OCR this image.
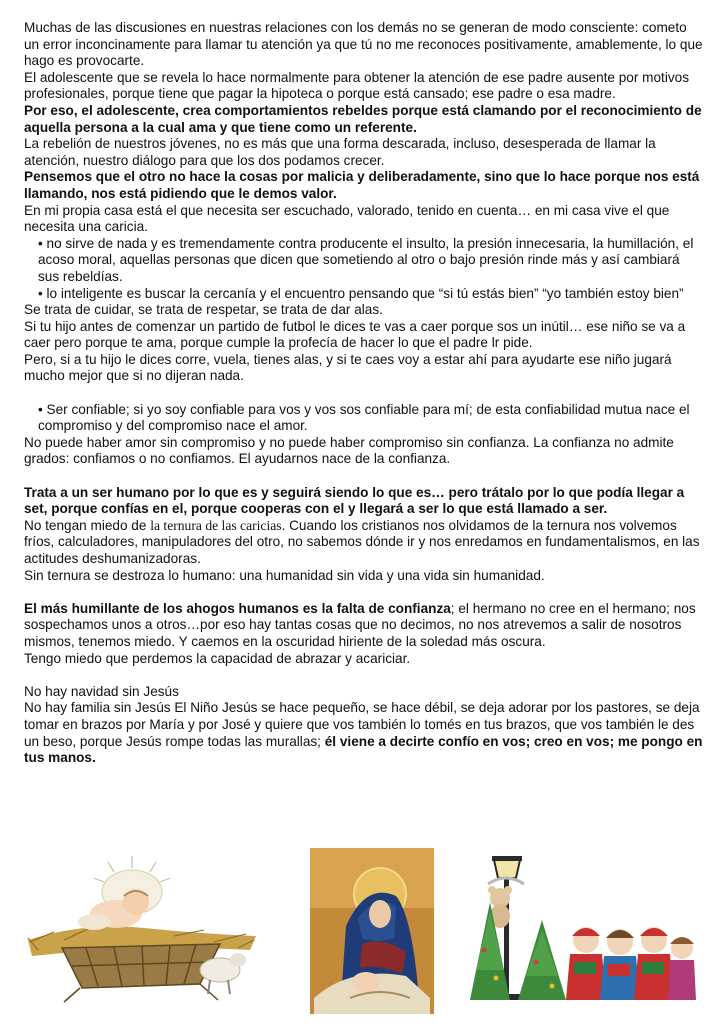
Muchas de las discusiones en nuestras relaciones con los demás no se generan de modo consciente: cometo un error inconcinamente para llamar tu atención ya que tú no me reconoces positivamente, amablemente, lo que hago es provocarte.

El adolescente que se revela lo hace normalmente para obtener la atención de ese padre ausente por motivos profesionales, porque tiene que pagar la hipoteca o porque está cansado; ese padre o esa madre.

Por eso, el adolescente, crea comportamientos rebeldes porque está clamando por el reconocimiento de aquella persona a la cual ama y que tiene como un referente.

La rebelión de nuestros jóvenes, no es más que una forma descarada, incluso, desesperada de llamar la atención, nuestro diálogo para que los dos podamos crecer.

Pensemos que el otro no hace la cosas por malicia y deliberadamente, sino que lo hace porque nos está llamando, nos está pidiendo que le demos valor.

En mi propia casa está el que necesita ser escuchado, valorado, tenido en cuenta… en mi casa vive el que necesita una caricia.

• no sirve de nada y es tremendamente contra producente el insulto, la presión innecesaria, la humillación, el acoso moral, aquellas personas que dicen que sometiendo al otro o bajo presión rinde más y así cambiará sus rebeldías.

• lo inteligente es buscar la cercanía y el encuentro pensando que “si tú estás bien” “yo también estoy bien”

Se trata de cuidar, se trata de respetar, se trata de dar alas.

Si tu hijo antes de comenzar un partido de futbol le dices te vas a caer porque sos un inútil… ese niño se va a caer pero porque te ama, porque cumple la profecía de hacer lo que el padre lr pide.

Pero, si a tu hijo le dices corre, vuela, tienes alas, y si te caes voy a estar ahí para ayudarte ese niño jugará mucho mejor que si no dijeran nada.

• Ser confiable; si yo soy confiable para vos y vos sos confiable para mí; de esta confiabilidad mutua nace el compromiso y del compromiso nace el amor.

No puede haber amor sin compromiso y no puede haber compromiso sin confianza. La confianza no admite grados: confiamos o no confiamos. El ayudarnos nace de la confianza.

Trata a un ser humano por lo que es y seguirá siendo lo que es… pero trátalo por lo que podía llegar a set, porque confías en el, porque cooperas con el y llegará a ser lo que está llamado a ser.

No tengan miedo de la ternura de las caricias. Cuando los cristianos nos olvidamos de la ternura nos volvemos fríos, calculadores, manipuladores del otro, no sabemos dónde ir y nos enredamos en fundamentalismos, en las actitudes deshumanizadoras.

Sin ternura se destroza lo humano: una humanidad sin vida y una vida sin humanidad.

El más humillante de los ahogos humanos es la falta de confianza; el hermano no cree en el hermano; nos sospechamos unos a otros…por eso hay tantas cosas que no decimos, no nos atrevemos a salir de nosotros mismos, tenemos miedo. Y caemos en la oscuridad hiriente de la soledad más oscura.

Tengo miedo que perdemos la capacidad de abrazar y acariciar.

No hay navidad sin Jesús

No hay familia sin Jesús El Niño Jesús se hace pequeño, se hace débil, se deja adorar por los pastores, se deja tomar en brazos por María y por José y quiere que vos también lo tomés en tus brazos, que vos también le des un beso, porque Jesús rompe todas las murallas; él viene a decirte confío en vos; creo en vos; me pongo en tus manos.
